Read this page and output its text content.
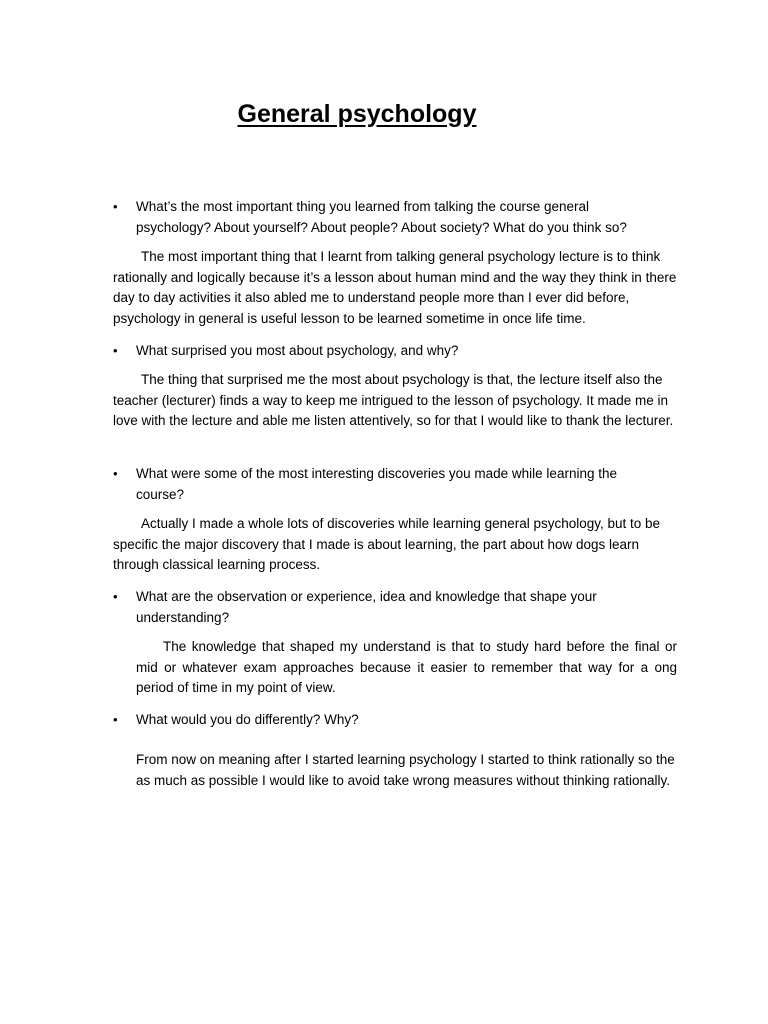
General psychology
• What’s the most important thing you learned from talking the course general psychology? About yourself? About people? About society? What do you think so?

The most important thing that I learnt from talking general psychology lecture is to think rationally and logically because it’s a lesson about human mind and the way they think in there day to day activities it also abled me to understand people more than I ever did before, psychology in general is useful lesson to be learned sometime in once life time.

• What surprised you most about psychology, and why?

The thing that surprised me the most about psychology is that, the lecture itself also the teacher (lecturer) finds a way to keep me intrigued to the lesson of psychology. It made me in love with the lecture and able me listen attentively, so for that I would like to thank the lecturer.

• What were some of the most interesting discoveries you made while learning the course?

Actually I made a whole lots of discoveries while learning general psychology, but to be specific the major discovery that I made is about learning, the part about how dogs learn through classical learning process.

• What are the observation or experience, idea and knowledge that shape your understanding?

The knowledge that shaped my understand is that to study hard before the final or mid or whatever exam approaches because it easier to remember that way for a ong period of time in my point of view.

• What would you do differently? Why?

From now on meaning after I started learning psychology I started to think rationally so the as much as possible I would like to avoid take wrong measures without thinking rationally.
